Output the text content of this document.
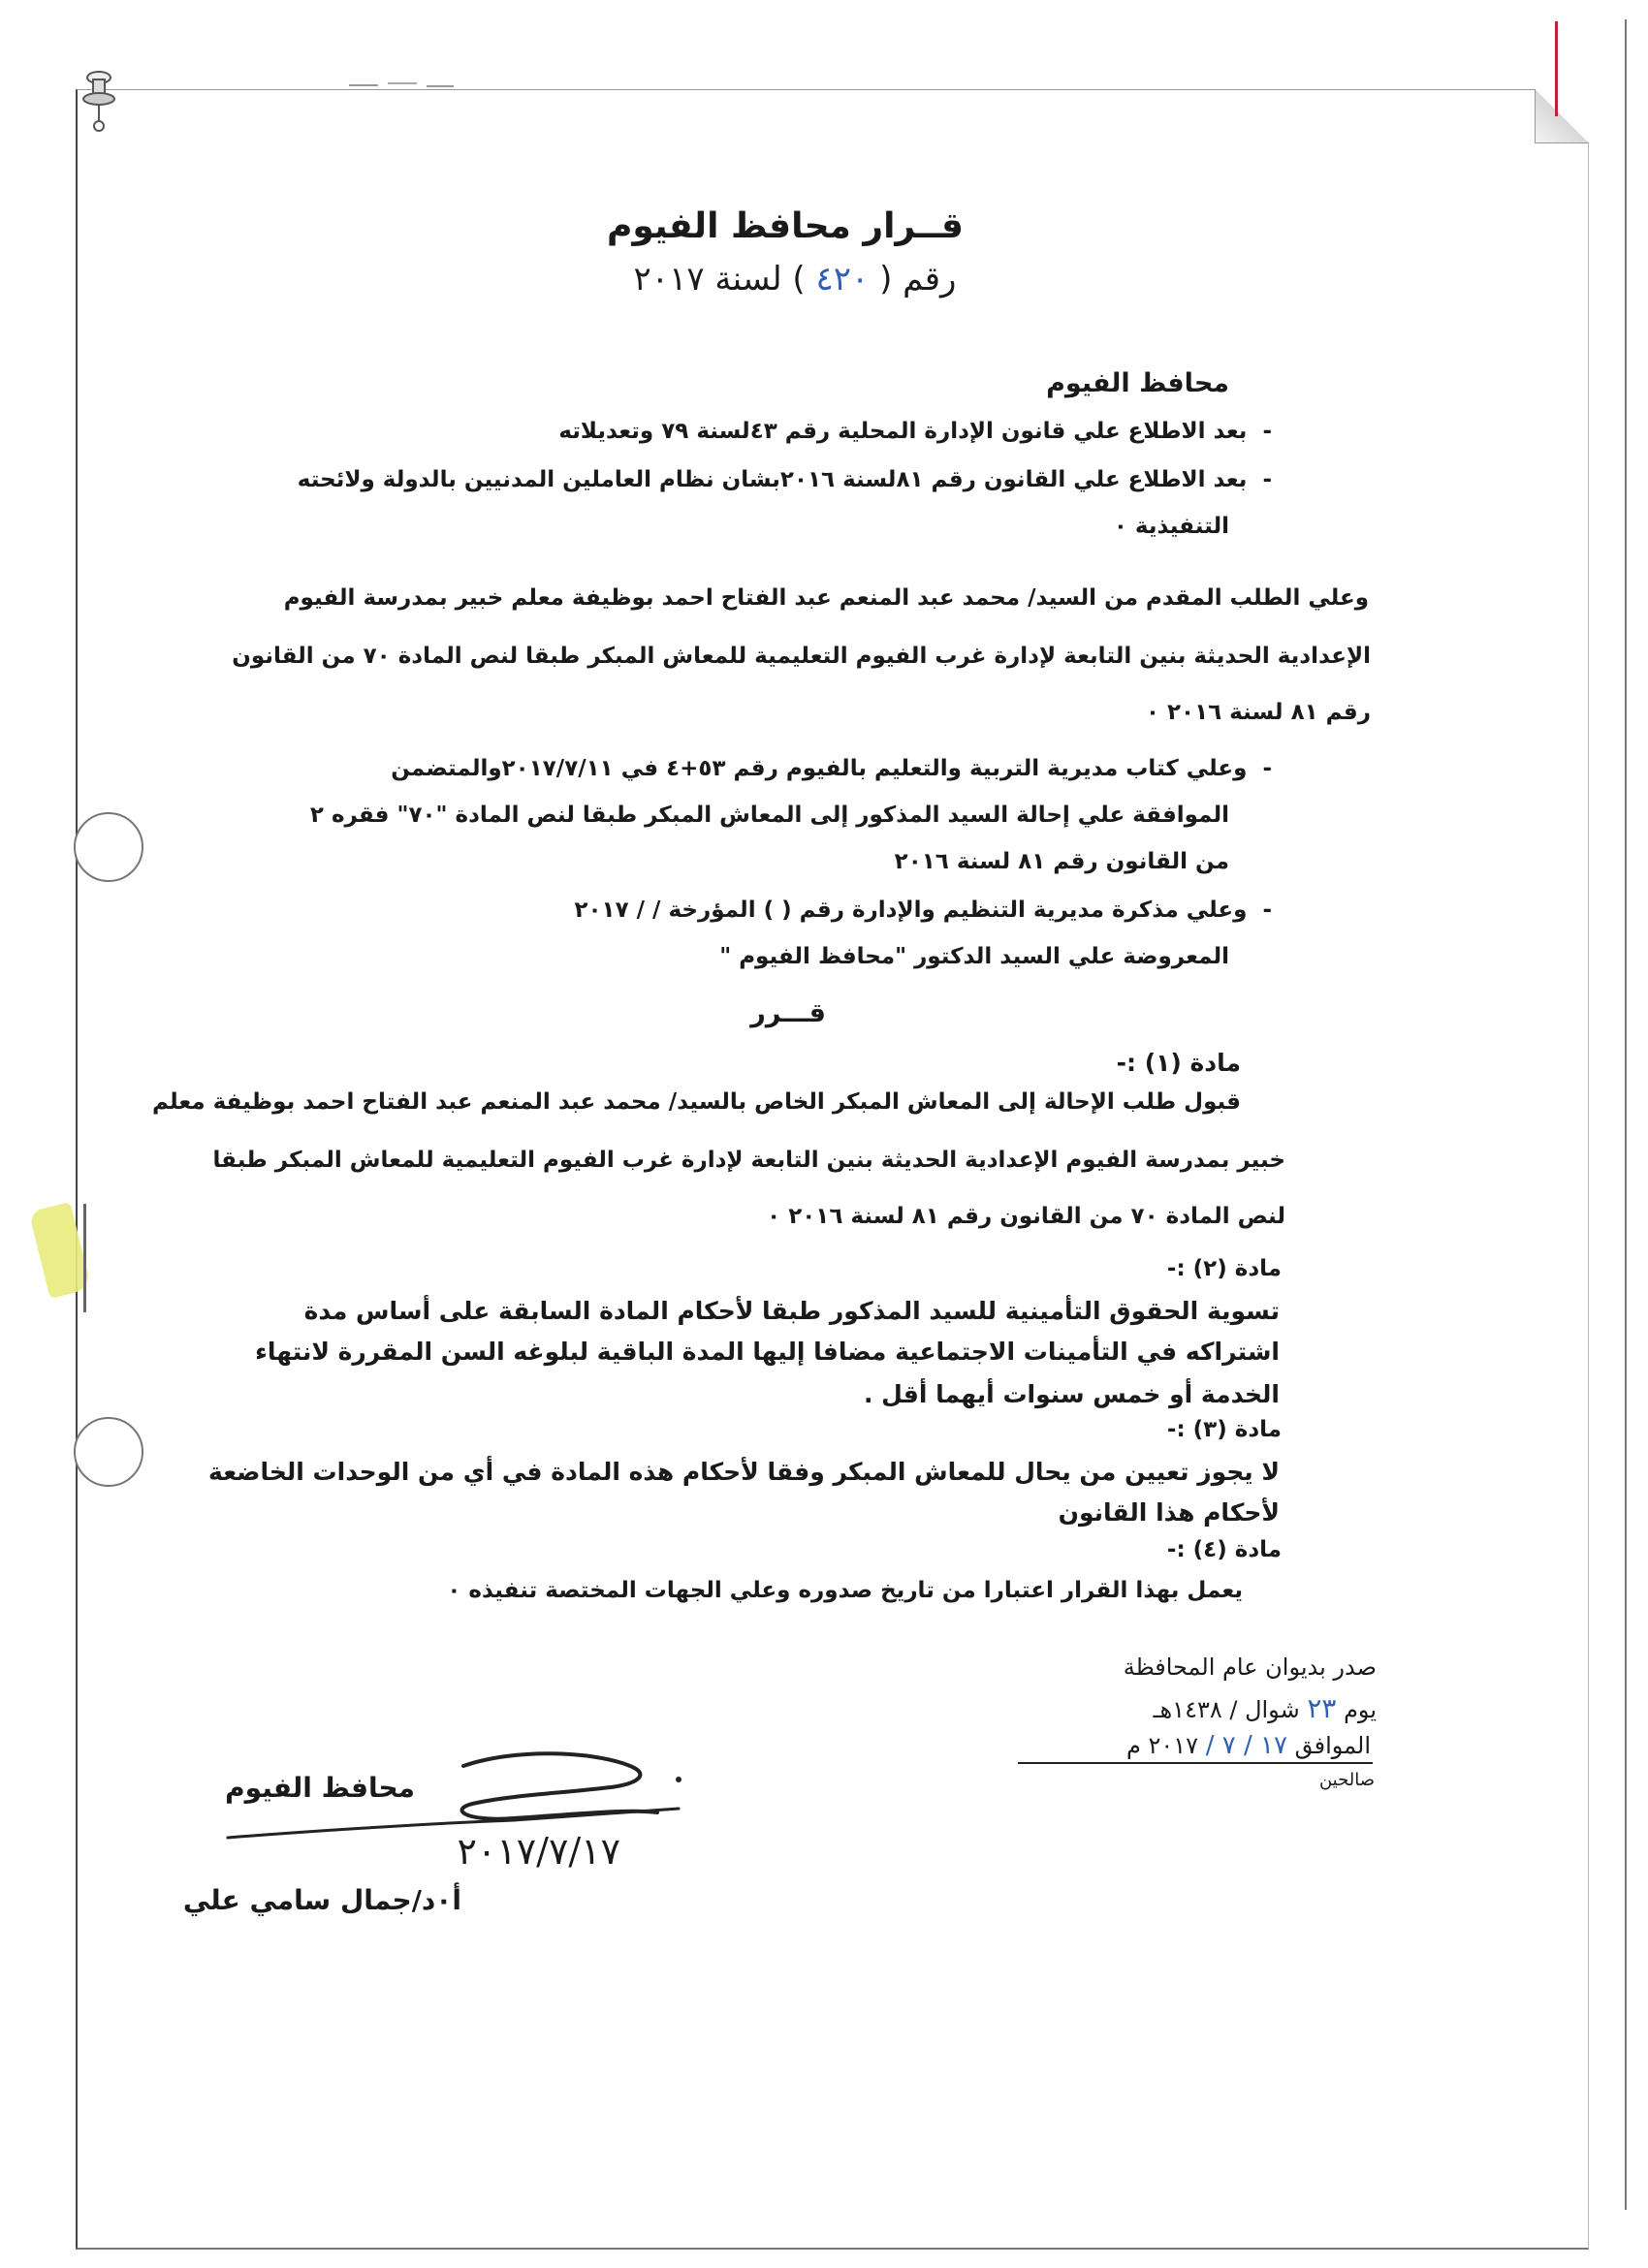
قــرار محافظ الفيوم
رقم ( ٤٢٠ ) لسنة ٢٠١٧
محافظ الفيوم
-  بعد الاطلاع علي قانون الإدارة المحلية رقم ٤٣لسنة ٧٩ وتعديلاته
-  بعد الاطلاع علي القانون رقم ٨١لسنة ٢٠١٦بشان نظام العاملين المدنيين بالدولة ولائحته
التنفيذية ٠
وعلي الطلب المقدم من السيد/ محمد عبد المنعم عبد الفتاح احمد بوظيفة معلم خبير بمدرسة الفيوم
الإعدادية الحديثة بنين التابعة لإدارة غرب الفيوم التعليمية للمعاش المبكر طبقا لنص المادة ٧٠ من القانون
رقم ٨١ لسنة ٢٠١٦ ٠
-  وعلي كتاب مديرية التربية والتعليم بالفيوم رقم ٥٣+٤ في ٢٠١٧/٧/١١والمتضمن
الموافقة علي إحالة السيد المذكور إلى المعاش المبكر طبقا لنص المادة "٧٠" فقره ٢
من القانون رقم ٨١ لسنة ٢٠١٦
-  وعلي مذكرة مديرية التنظيم والإدارة رقم ( ) المؤرخة / / ٢٠١٧
المعروضة علي السيد الدكتور "محافظ الفيوم "
قـــرر
مادة (١) :-
قبول طلب الإحالة إلى المعاش المبكر الخاص بالسيد/ محمد عبد المنعم عبد الفتاح احمد بوظيفة معلم
خبير بمدرسة الفيوم الإعدادية الحديثة بنين التابعة لإدارة غرب الفيوم التعليمية للمعاش المبكر طبقا
لنص المادة ٧٠ من القانون رقم ٨١ لسنة ٢٠١٦ ٠
مادة (٢) :-
تسوية الحقوق التأمينية للسيد المذكور طبقا لأحكام المادة السابقة على أساس مدة
اشتراكه في التأمينات الاجتماعية مضافا إليها المدة الباقية لبلوغه السن المقررة لانتهاء
الخدمة أو خمس سنوات أيهما أقل .
مادة (٣) :-
لا يجوز تعيين من يحال للمعاش المبكر وفقا لأحكام هذه المادة في أي من الوحدات الخاضعة
لأحكام هذا القانون
مادة (٤) :-
يعمل بهذا القرار اعتبارا من تاريخ صدوره وعلي الجهات المختصة تنفيذه ٠
صدر بديوان عام المحافظة
يوم ٢٣ شوال / ١٤٣٨هـ
الموافق ١٧ / ٧ / ٢٠١٧ م
صالحين
محافظ الفيوم
٢٠١٧/٧/١٧
أ٠د/جمال سامي علي
